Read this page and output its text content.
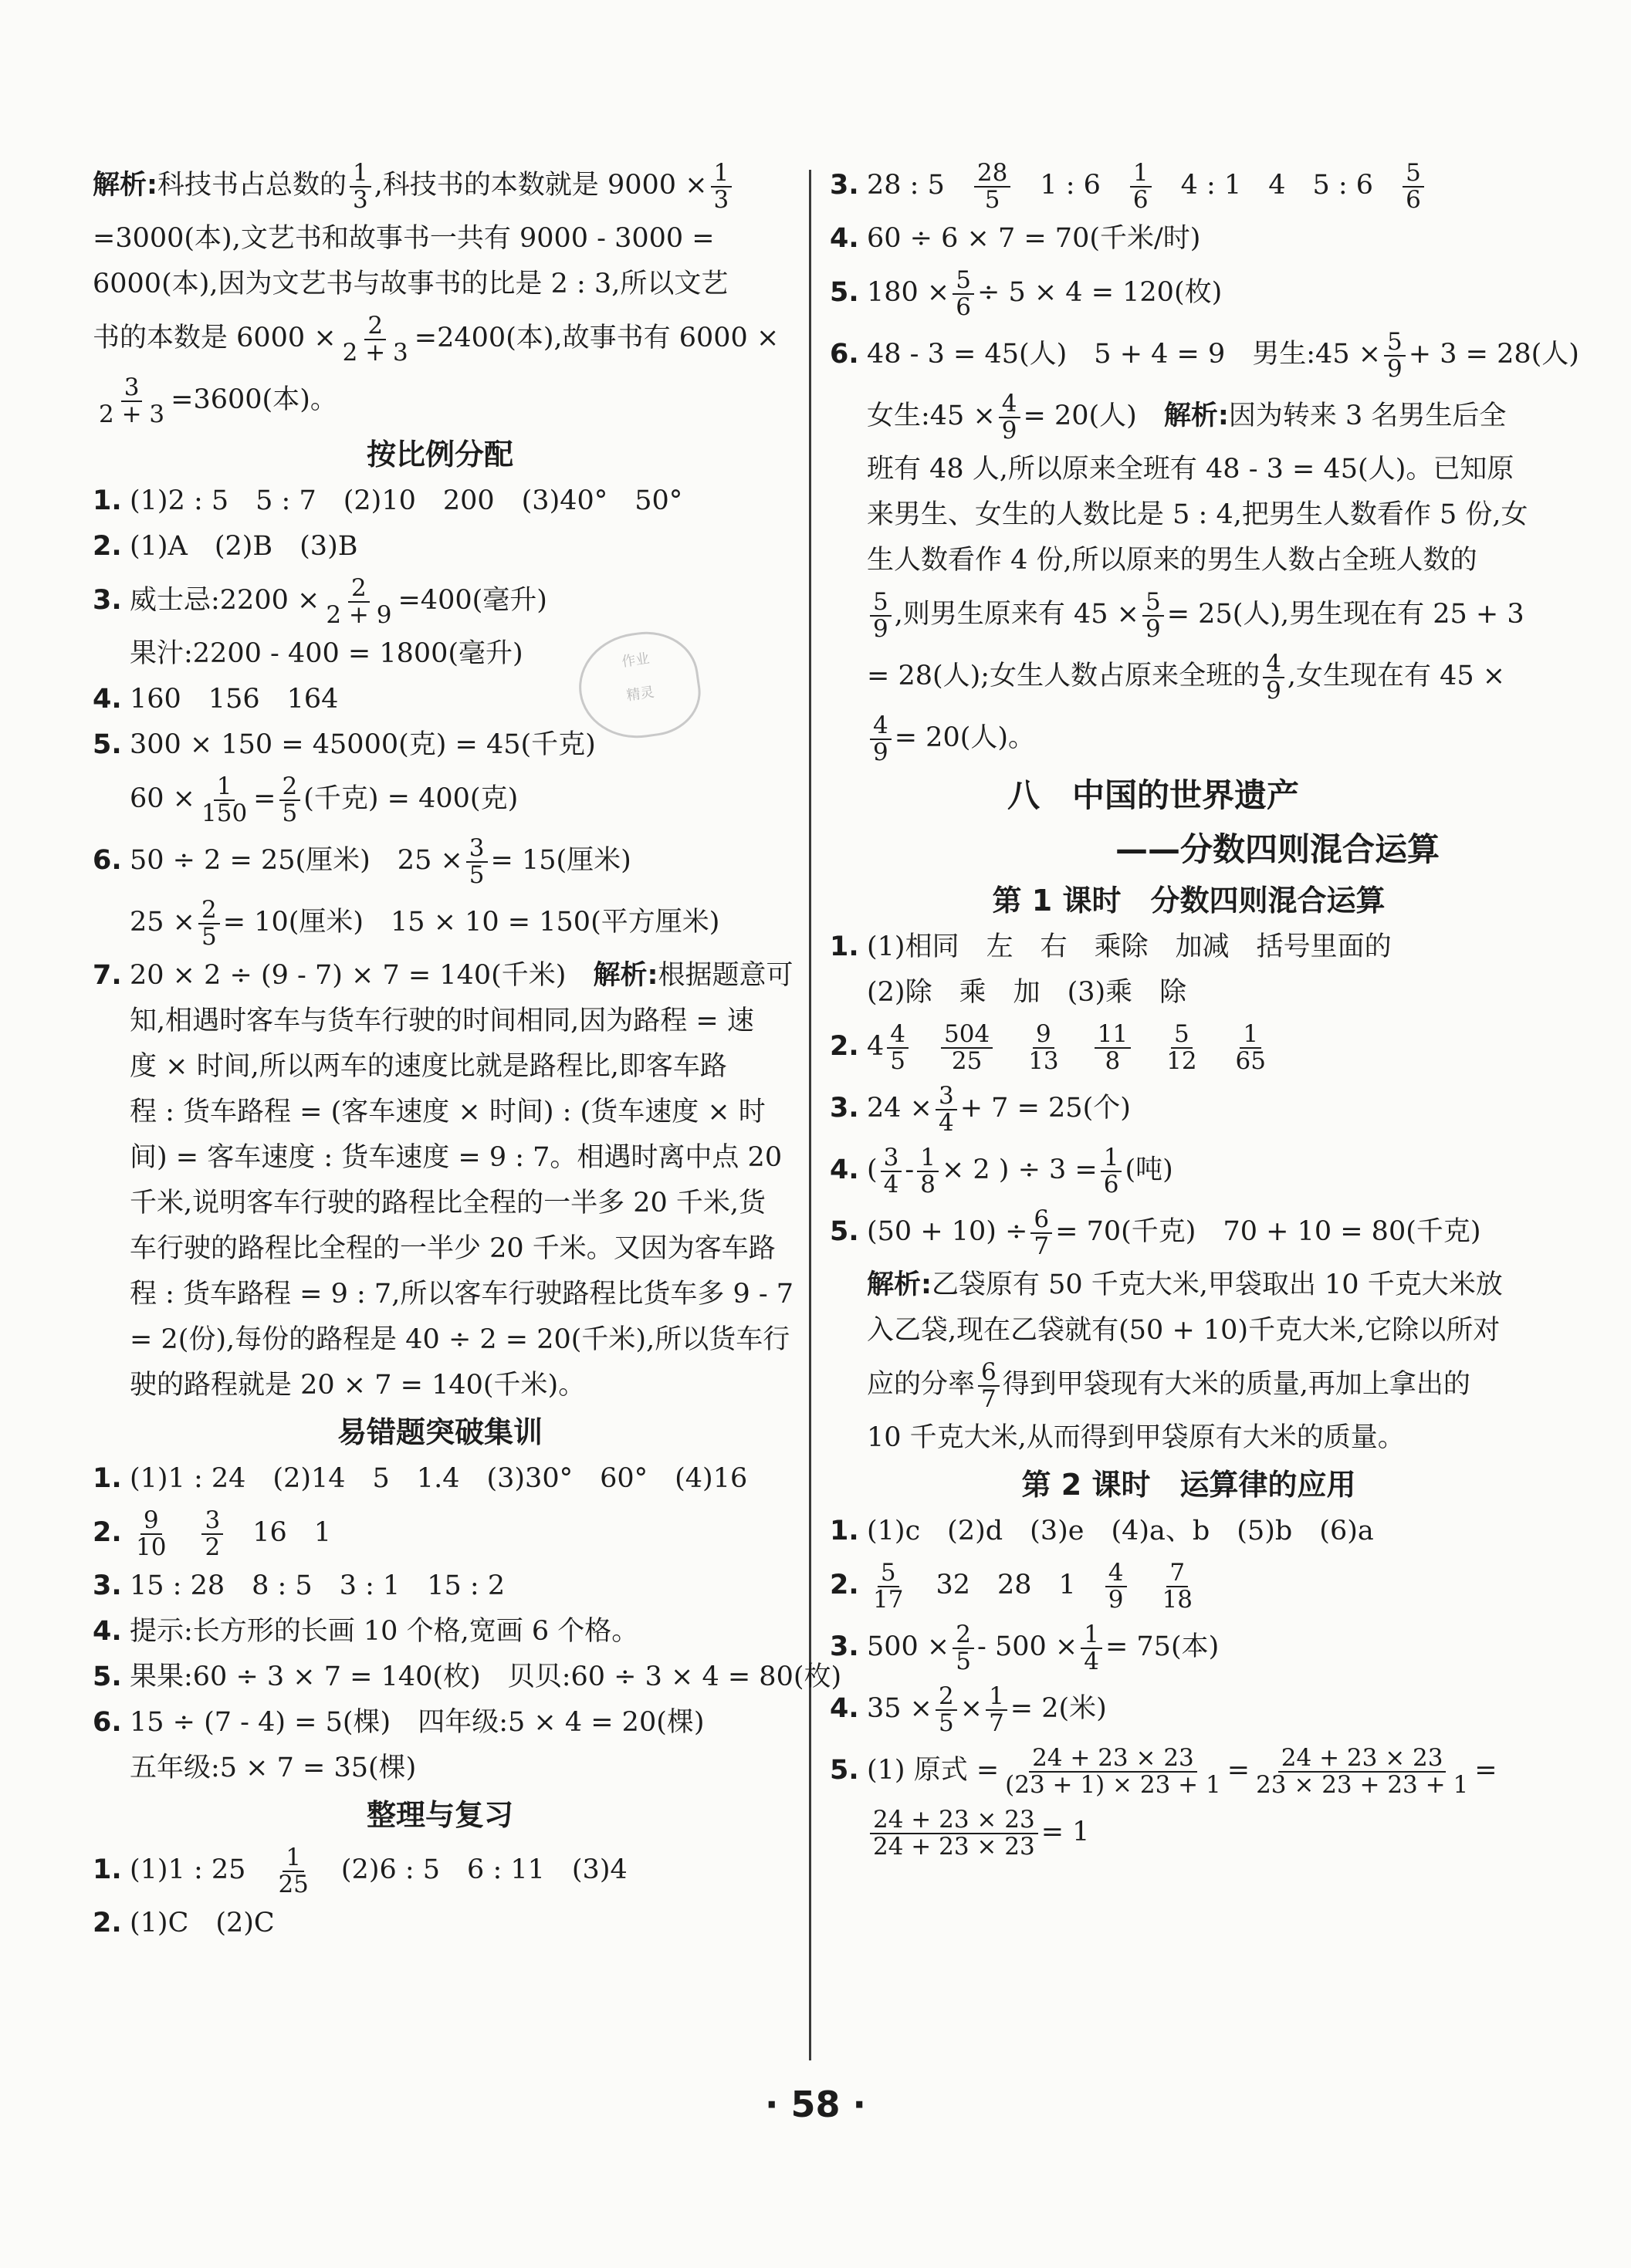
解析:科技书占总数的 $\frac{1}{3}$ ,科技书的本数就是 $9000 \times \frac{1}{3}$
=3000(本),文艺书和故事书一共有 9000 - 3000 =
6000(本),因为文艺书与故事书的比是 2 : 3,所以文艺
书的本数是 $6000 \times \frac{2}{2 + 3} =2400$(本),故事书有 6000 ×
$\frac{3}{2 + 3} =3600$(本)。
按比例分配
1. (1)2 : 5　5 : 7　(2)10　200　(3)40°　50°
2. (1)A　(2)B　(3)B
3. 威士忌:2200 × $\frac{2}{2 + 9} =400$(毫升)
果汁:2200 - 400 = 1800(毫升)
4. 160　156　164
5. 300 × 150 = 45000(克) = 45(千克)
$60 \times \frac{1}{150} = \frac{2}{5}$ (千克) = 400(克)
6. 50 ÷ 2 = 25(厘米)　$25 \times \frac{3}{5} = 15$(厘米)
$25 \times \frac{2}{5} = 10$(厘米)　15 × 10 = 150(平方厘米)
7. 20 × 2 ÷ (9 - 7) × 7 = 140(千米)　 解析:根据题意可
知,相遇时客车与货车行驶的时间相同,因为路程 = 速
度 × 时间,所以两车的速度比就是路程比,即客车路
程 : 货车路程 = (客车速度 × 时间) : (货车速度 × 时
间) = 客车速度 : 货车速度 = 9 : 7。相遇时离中点 20
千米,说明客车行驶的路程比全程的一半多 20 千米,货
车行驶的路程比全程的一半少 20 千米。又因为客车路
程 : 货车路程 = 9 : 7,所以客车行驶路程比货车多 9 - 7
= 2(份),每份的路程是 40 ÷ 2 = 20(千米),所以货车行
驶的路程就是 20 × 7 = 140(千米)。
易错题突破集训
1. (1)1 : 24　(2)14　5　1.4　(3)30°　60°　(4)16
2. $\frac{9}{10} \frac{3}{2} 16$　1
3. 15 : 28　8 : 5　3 : 1　15 : 2
4. 提示:长方形的长画 10 个格,宽画 6 个格。
5. 果果:60 ÷ 3 × 7 = 140(枚)　贝贝:60 ÷ 3 × 4 = 80(枚)
6. 15 ÷ (7 - 4) = 5(棵)　四年级:5 × 4 = 20(棵)
五年级:5 × 7 = 35(棵)
整理与复习
1. (1)1 : $25 \frac{1}{25} (2)6$ : 5　6 : 11　(3)4
2. (1)C　(2)C
3. 28 : $5 \frac{28}{5} 1$ : $6 \frac{1}{6} 4$ : 1　4　5 : $6 \frac{5}{6}$
4. 60 ÷ 6 × 7 = 70(千米/时)
5. $180 \times \frac{5}{6} \div 5 \times 4 = 120$(枚)
6. 48 - 3 = 45(人)　5 + 4 = 9　男生:45 × $\frac{5}{9} + 3 = 28$(人)
女生:45 × $\frac{4}{9} = 20$(人)　 解析:因为转来 3 名男生后全
班有 48 人,所以原来全班有 48 - 3 = 45(人)。已知原
来男生、女生的人数比是 5 : 4,把男生人数看作 5 份,女
生人数看作 4 份,所以原来的男生人数占全班人数的
$\frac{5}{9}$ ,则男生原来有 $45 \times \frac{5}{9} = 25$(人),男生现在有 25 + 3
= 28(人);女生人数占原来全班的 $\frac{4}{9}$ ,女生现在有 45 ×
$\frac{4}{9} = 20$(人)。
八　中国的世界遗产
——分数四则混合运算
第 1 课时　分数四则混合运算
1. (1)相同　左　右　乘除　加减　括号里面的
(2)除　乘　加　(3)乘　除
2. $4 \frac{4}{5} \frac{504}{25} \frac{9}{13} \frac{11}{8} \frac{5}{12} \frac{1}{65}$
3. $24 \times \frac{3}{4} + 7 = 25$(个)
4. ( $\frac{3}{4} - \frac{1}{8} \times 2$ ) ÷ $3 = \frac{1}{6}$ (吨)
5. $(50 + 10) \div \frac{6}{7} = 70$(千克)　70 + 10 = 80(千克)
解析:乙袋原有 50 千克大米,甲袋取出 10 千克大米放
入乙袋,现在乙袋就有(50 + 10)千克大米,它除以所对
应的分率 $\frac{6}{7}$ 得到甲袋现有大米的质量,再加上拿出的
10 千克大米,从而得到甲袋原有大米的质量。
第 2 课时　运算律的应用
1. (1)c　(2)d　(3)e　(4)a、b　(5)b　(6)a
2. $\frac{5}{17} 32$　28　$1 \frac{4}{9} \frac{7}{18}$
3. $500 \times \frac{2}{5} - 500 \times \frac{1}{4} = 75$(本)
4. $35 \times \frac{2}{5} \times \frac{1}{7} = 2$(米)
5. (1) 原式 = $\frac{24 + 23 \times 23}{(23 + 1) \times 23 + 1} = \frac{24 + 23 \times 23}{23 \times 23 + 23 + 1}$ =
$\frac{24 + 23 \times 23}{24 + 23 \times 23} = 1$
作业
精灵
· 58 ·
